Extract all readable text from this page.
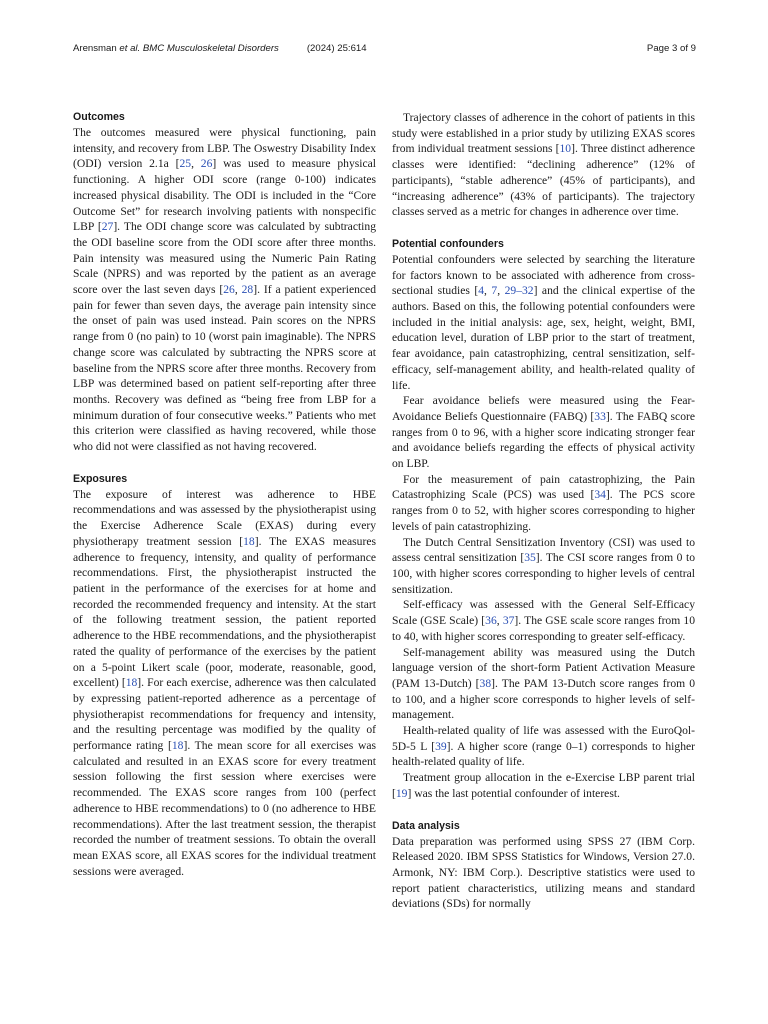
Arensman et al. BMC Musculoskeletal Disorders	(2024) 25:614	Page 3 of 9
Outcomes

The outcomes measured were physical functioning, pain intensity, and recovery from LBP. The Oswestry Disability Index (ODI) version 2.1a [25, 26] was used to measure physical functioning. A higher ODI score (range 0-100) indicates increased physical disability. The ODI is included in the “Core Outcome Set” for research involving patients with nonspecific LBP [27]. The ODI change score was calculated by subtracting the ODI baseline score from the ODI score after three months. Pain intensity was measured using the Numeric Pain Rating Scale (NPRS) and was reported by the patient as an average score over the last seven days [26, 28]. If a patient experienced pain for fewer than seven days, the average pain intensity since the onset of pain was used instead. Pain scores on the NPRS range from 0 (no pain) to 10 (worst pain imaginable). The NPRS change score was calculated by subtracting the NPRS score at baseline from the NPRS score after three months. Recovery from LBP was determined based on patient self-reporting after three months. Recovery was defined as “being free from LBP for a minimum duration of four consecutive weeks.” Patients who met this criterion were classified as having recovered, while those who did not were classified as not having recovered.

Exposures

The exposure of interest was adherence to HBE recommendations and was assessed by the physiotherapist using the Exercise Adherence Scale (EXAS) during every physiotherapy treatment session [18]. The EXAS measures adherence to frequency, intensity, and quality of performance recommendations. First, the physiotherapist instructed the patient in the performance of the exercises for at home and recorded the recommended frequency and intensity. At the start of the following treatment session, the patient reported adherence to the HBE recommendations, and the physiotherapist rated the quality of performance of the exercises by the patient on a 5-point Likert scale (poor, moderate, reasonable, good, excellent) [18]. For each exercise, adherence was then calculated by expressing patient-reported adherence as a percentage of physiotherapist recommendations for frequency and intensity, and the resulting percentage was modified by the quality of performance rating [18]. The mean score for all exercises was calculated and resulted in an EXAS score for every treatment session following the first session where exercises were recommended. The EXAS score ranges from 100 (perfect adherence to HBE recommendations) to 0 (no adherence to HBE recommendations). After the last treatment session, the therapist recorded the number of treatment sessions. To obtain the overall mean EXAS score, all EXAS scores for the individual treatment sessions were averaged.

Trajectory classes of adherence in the cohort of patients in this study were established in a prior study by utilizing EXAS scores from individual treatment sessions [10]. Three distinct adherence classes were identified: “declining adherence” (12% of participants), “stable adherence” (45% of participants), and “increasing adherence” (43% of participants). The trajectory classes served as a metric for changes in adherence over time.

Potential confounders

Potential confounders were selected by searching the literature for factors known to be associated with adherence from cross-sectional studies [4, 7, 29–32] and the clinical expertise of the authors. Based on this, the following potential confounders were included in the initial analysis: age, sex, height, weight, BMI, education level, duration of LBP prior to the start of treatment, fear avoidance, pain catastrophizing, central sensitization, self-efficacy, self-management ability, and health-related quality of life.

Fear avoidance beliefs were measured using the Fear-Avoidance Beliefs Questionnaire (FABQ) [33]. The FABQ score ranges from 0 to 96, with a higher score indicating stronger fear and avoidance beliefs regarding the effects of physical activity on LBP.

For the measurement of pain catastrophizing, the Pain Catastrophizing Scale (PCS) was used [34]. The PCS score ranges from 0 to 52, with higher scores corresponding to higher levels of pain catastrophizing.

The Dutch Central Sensitization Inventory (CSI) was used to assess central sensitization [35]. The CSI score ranges from 0 to 100, with higher scores corresponding to higher levels of central sensitization.

Self-efficacy was assessed with the General Self-Efficacy Scale (GSE Scale) [36, 37]. The GSE scale score ranges from 10 to 40, with higher scores corresponding to greater self-efficacy.

Self-management ability was measured using the Dutch language version of the short-form Patient Activation Measure (PAM 13-Dutch) [38]. The PAM 13-Dutch score ranges from 0 to 100, and a higher score corresponds to higher levels of self-management.

Health-related quality of life was assessed with the EuroQol-5D-5 L [39]. A higher score (range 0–1) corresponds to higher health-related quality of life.

Treatment group allocation in the e-Exercise LBP parent trial [19] was the last potential confounder of interest.

Data analysis

Data preparation was performed using SPSS 27 (IBM Corp. Released 2020. IBM SPSS Statistics for Windows, Version 27.0. Armonk, NY: IBM Corp.). Descriptive statistics were used to report patient characteristics, utilizing means and standard deviations (SDs) for normally
